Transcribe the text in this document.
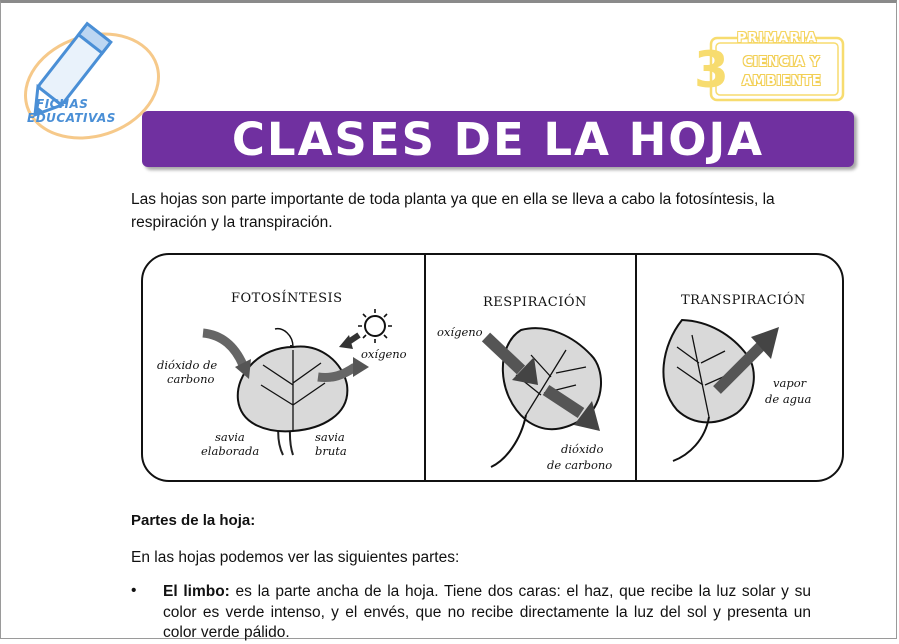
FICHAS
EDUCATIVAS
PRIMARIA
3 CIENCIA Y
AMBIENTE
CLASES DE LA HOJA
Las hojas son parte importante de toda planta ya que en ella se lleva a cabo la fotosíntesis, la respiración y la transpiración.
FOTOSÍNTESIS
dióxido de
carbono
oxígeno
savia
elaborada
savia
bruta
RESPIRACIÓN
oxígeno
dióxido
de carbono
TRANSPIRACIÓN
vapor
de agua
Partes de la hoja:
En las hojas podemos ver las siguientes partes:
• El limbo: es la parte ancha de la hoja. Tiene dos caras: el haz, que recibe la luz solar y su color es verde intenso, y el envés, que no recibe directamente la luz del sol y presenta un color verde pálido.
